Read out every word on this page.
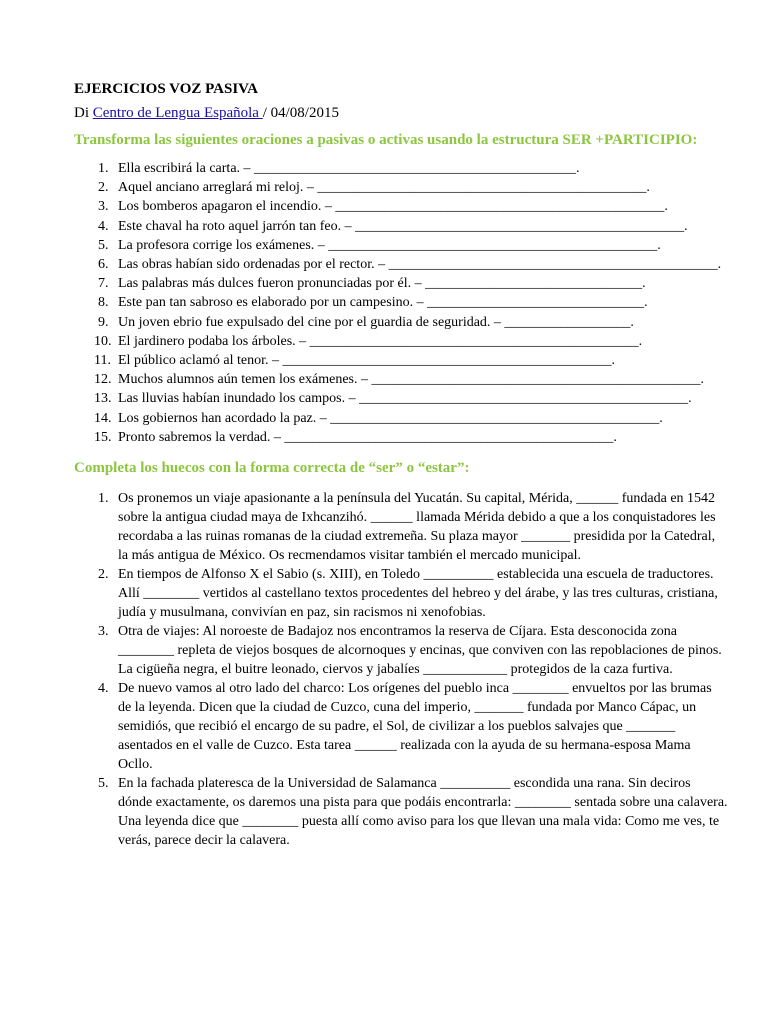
EJERCICIOS VOZ PASIVA

Di Centro de Lengua Española / 04/08/2015

Transforma las siguientes oraciones a pasivas o activas usando la estructura SER +PARTICIPIO:

1. Ella escribirá la carta. – ______________________________________________.
2. Aquel anciano arreglará mi reloj. – _______________________________________________.
3. Los bomberos apagaron el incendio. – _______________________________________________.
4. Este chaval ha roto aquel jarrón tan feo. – _______________________________________________.
5. La profesora corrige los exámenes. – _______________________________________________.
6. Las obras habían sido ordenadas por el rector. – _______________________________________________.
7. Las palabras más dulces fueron pronunciadas por él. – _______________________________.
8. Este pan tan sabroso es elaborado por un campesino. – _______________________________.
9. Un joven ebrio fue expulsado del cine por el guardia de seguridad. – __________________.
10. El jardinero podaba los árboles. – _______________________________________________.
11. El público aclamó al tenor. – _______________________________________________.
12. Muchos alumnos aún temen los exámenes. – _______________________________________________.
13. Las lluvias habían inundado los campos. – _______________________________________________.
14. Los gobiernos han acordado la paz. – _______________________________________________.
15. Pronto sabremos la verdad. – _______________________________________________.

Completa los huecos con la forma correcta de “ser” o “estar”:

1. Os pronemos un viaje apasionante a la península del Yucatán. Su capital, Mérida, ______ fundada en 1542 sobre la antigua ciudad maya de Ixhcanzihó. ______ llamada Mérida debido a que a los conquistadores les recordaba a las ruinas romanas de la ciudad extremeña. Su plaza mayor _______ presidida por la Catedral, la más antigua de México. Os recmendamos visitar también el mercado municipal.
2. En tiempos de Alfonso X el Sabio (s. XIII), en Toledo __________ establecida una escuela de traductores. Allí ________ vertidos al castellano textos procedentes del hebreo y del árabe, y las tres culturas, cristiana, judía y musulmana, convivían en paz, sin racismos ni xenofobias.
3. Otra de viajes: Al noroeste de Badajoz nos encontramos la reserva de Cíjara. Esta desconocida zona ________ repleta de viejos bosques de alcornoques y encinas, que conviven con las repoblaciones de pinos. La cigüeña negra, el buitre leonado, ciervos y jabalíes ____________ protegidos de la caza furtiva.
4. De nuevo vamos al otro lado del charco: Los orígenes del pueblo inca ________ envueltos por las brumas de la leyenda. Dicen que la ciudad de Cuzco, cuna del imperio, _______ fundada por Manco Cápac, un semidiós, que recibió el encargo de su padre, el Sol, de civilizar a los pueblos salvajes que _______ asentados en el valle de Cuzco. Esta tarea ______ realizada con la ayuda de su hermana-esposa Mama Ocllo.
5. En la fachada plateresca de la Universidad de Salamanca __________ escondida una rana. Sin deciros dónde exactamente, os daremos una pista para que podáis encontrarla: ________ sentada sobre una calavera. Una leyenda dice que ________ puesta allí como aviso para los que llevan una mala vida: Como me ves, te verás, parece decir la calavera.
